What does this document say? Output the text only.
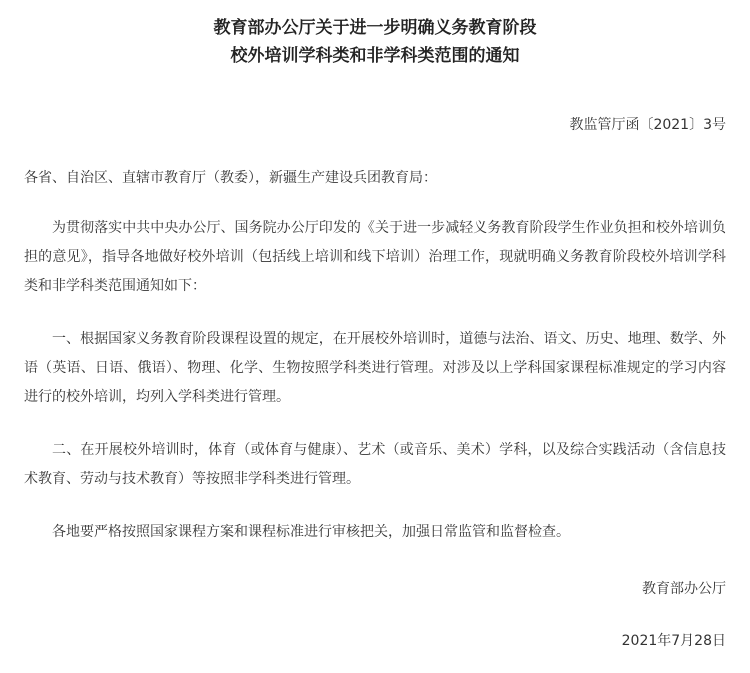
教育部办公厅关于进一步明确义务教育阶段
校外培训学科类和非学科类范围的通知
教监管厅函〔2021〕3号
各省、自治区、直辖市教育厅（教委），新疆生产建设兵团教育局：

为贯彻落实中共中央办公厅、国务院办公厅印发的《关于进一步减轻义务教育阶段学生作业负担和校外培训负担的意见》，指导各地做好校外培训（包括线上培训和线下培训）治理工作，现就明确义务教育阶段校外培训学科类和非学科类范围通知如下：

一、根据国家义务教育阶段课程设置的规定，在开展校外培训时，道德与法治、语文、历史、地理、数学、外语（英语、日语、俄语）、物理、化学、生物按照学科类进行管理。对涉及以上学科国家课程标准规定的学习内容进行的校外培训，均列入学科类进行管理。

二、在开展校外培训时，体育（或体育与健康）、艺术（或音乐、美术）学科，以及综合实践活动（含信息技术教育、劳动与技术教育）等按照非学科类进行管理。

各地要严格按照国家课程方案和课程标准进行审核把关，加强日常监管和监督检查。

教育部办公厅
2021年7月28日
